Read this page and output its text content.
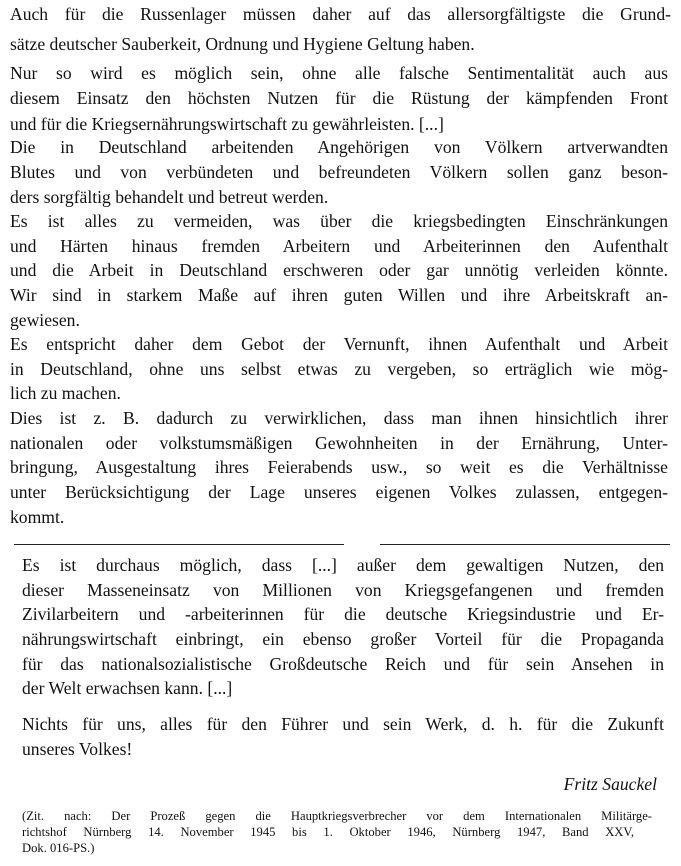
Auch für die Russenlager müssen daher auf das allersorgfältigste die Grund-
sätze deutscher Sauberkeit, Ordnung und Hygiene Geltung haben.
Nur so wird es möglich sein, ohne alle falsche Sentimentalität auch aus
diesem Einsatz den höchsten Nutzen für die Rüstung der kämpfenden Front
und für die Kriegsernährungswirtschaft zu gewährleisten. [...]
Die in Deutschland arbeitenden Angehörigen von Völkern artverwandten
Blutes und von verbündeten und befreundeten Völkern sollen ganz beson-
ders sorgfältig behandelt und betreut werden.
Es ist alles zu vermeiden, was über die kriegsbedingten Einschränkungen
und Härten hinaus fremden Arbeitern und Arbeiterinnen den Aufenthalt
und die Arbeit in Deutschland erschweren oder gar unnötig verleiden könnte.
Wir sind in starkem Maße auf ihren guten Willen und ihre Arbeitskraft an-
gewiesen.
Es entspricht daher dem Gebot der Vernunft, ihnen Aufenthalt und Arbeit
in Deutschland, ohne uns selbst etwas zu vergeben, so erträglich wie mög-
lich zu machen.
Dies ist z. B. dadurch zu verwirklichen, dass man ihnen hinsichtlich ihrer
nationalen oder volkstumsmäßigen Gewohnheiten in der Ernährung, Unter-
bringung, Ausgestaltung ihres Feierabends usw., so weit es die Verhältnisse
unter Berücksichtigung der Lage unseres eigenen Volkes zulassen, entgegen-
kommt.
Es ist durchaus möglich, dass [...] außer dem gewaltigen Nutzen, den
dieser Masseneinsatz von Millionen von Kriegsgefangenen und fremden
Zivilarbeitern und -arbeiterinnen für die deutsche Kriegsindustrie und Er-
nährungswirtschaft einbringt, ein ebenso großer Vorteil für die Propaganda
für das nationalsozialistische Großdeutsche Reich und für sein Ansehen in
der Welt erwachsen kann. [...]
Nichts für uns, alles für den Führer und sein Werk, d. h. für die Zukunft
unseres Volkes!
Fritz Sauckel
(Zit. nach: Der Prozeß gegen die Hauptkriegsverbrecher vor dem Internationalen Militärge-
richtshof Nürnberg 14. November 1945 bis 1. Oktober 1946, Nürnberg 1947, Band XXV,
Dok. 016-PS.)
